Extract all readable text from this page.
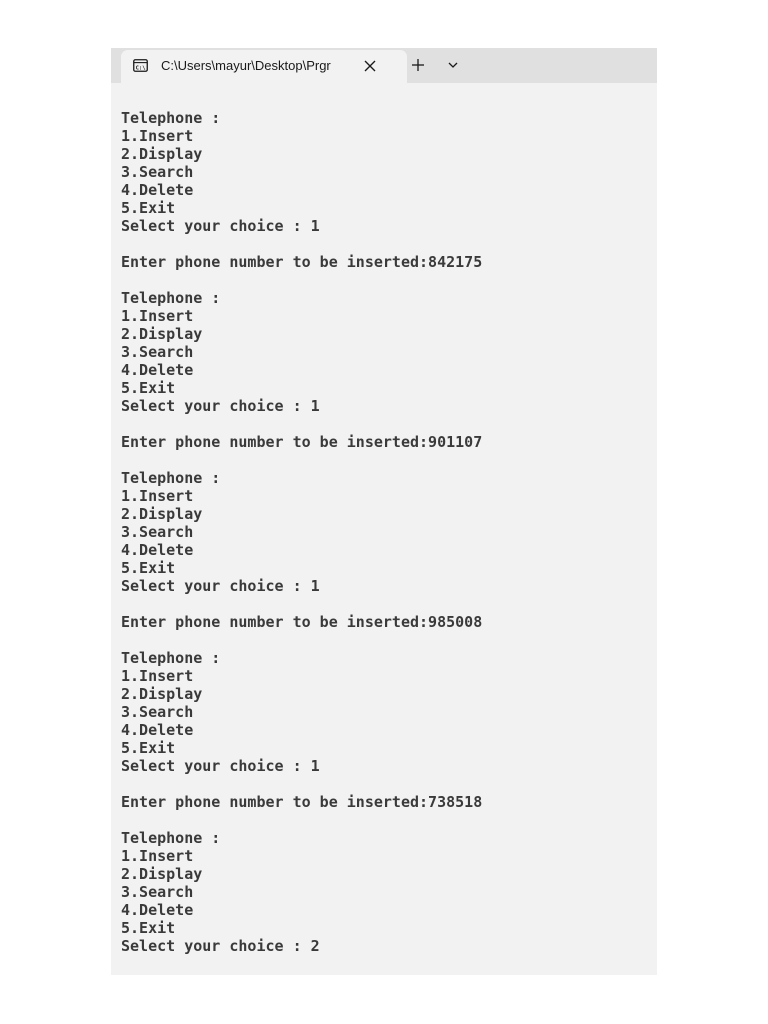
C:\ C:\Users\mayur\Desktop\Prgr
Telephone :
1.Insert
2.Display
3.Search
4.Delete
5.Exit
Select your choice : 1
Enter phone number to be inserted:842175
Telephone :
1.Insert
2.Display
3.Search
4.Delete
5.Exit
Select your choice : 1
Enter phone number to be inserted:901107
Telephone :
1.Insert
2.Display
3.Search
4.Delete
5.Exit
Select your choice : 1
Enter phone number to be inserted:985008
Telephone :
1.Insert
2.Display
3.Search
4.Delete
5.Exit
Select your choice : 1
Enter phone number to be inserted:738518
Telephone :
1.Insert
2.Display
3.Search
4.Delete
5.Exit
Select your choice : 2
